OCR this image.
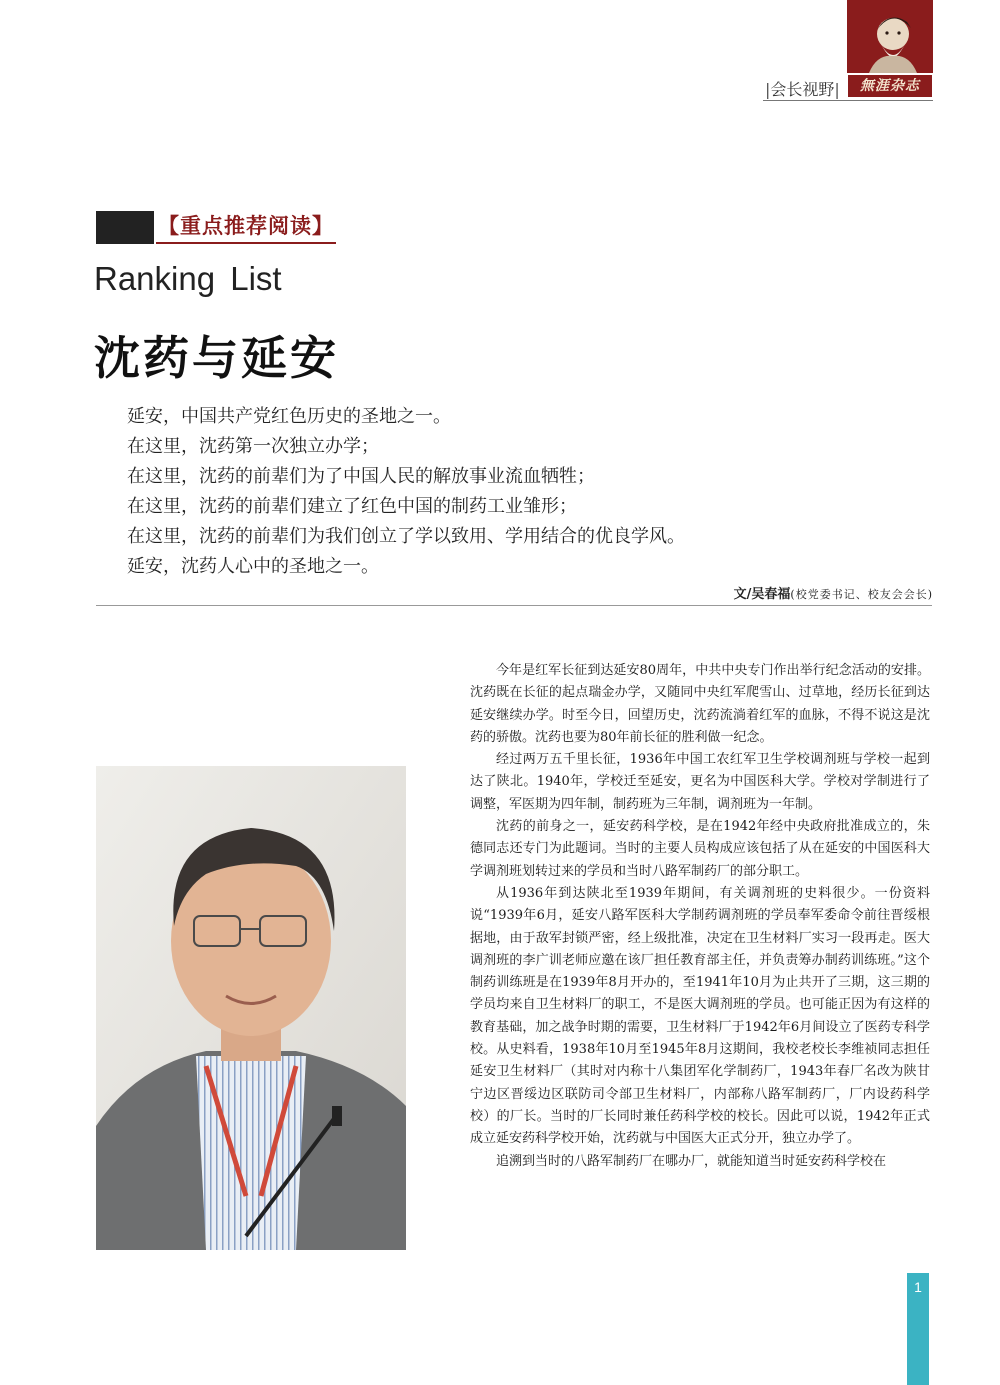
|会长视野|	無涯杂志
【重点推荐阅读】
Ranking List
沈药与延安
延安，中国共产党红色历史的圣地之一。
在这里，沈药第一次独立办学；
在这里，沈药的前辈们为了中国人民的解放事业流血牺牲；
在这里，沈药的前辈们建立了红色中国的制药工业雏形；
在这里，沈药的前辈们为我们创立了学以致用、学用结合的优良学风。
延安，沈药人心中的圣地之一。
文/吴春福(校党委书记、校友会会长)

今年是红军长征到达延安80周年，中共中央专门作出举行纪念活动的安排。沈药既在长征的起点瑞金办学，又随同中央红军爬雪山、过草地，经历长征到达延安继续办学。时至今日，回望历史，沈药流淌着红军的血脉，不得不说这是沈药的骄傲。沈药也要为80年前长征的胜利做一纪念。

经过两万五千里长征，1936年中国工农红军卫生学校调剂班与学校一起到达了陕北。1940年，学校迁至延安，更名为中国医科大学。学校对学制进行了调整，军医期为四年制，制药班为三年制，调剂班为一年制。

沈药的前身之一，延安药科学校，是在1942年经中央政府批准成立的，朱德同志还专门为此题词。当时的主要人员构成应该包括了从在延安的中国医科大学调剂班划转过来的学员和当时八路军制药厂的部分职工。

从1936年到达陕北至1939年期间，有关调剂班的史料很少。一份资料说“1939年6月，延安八路军医科大学制药调剂班的学员奉军委命令前往晋绥根据地，由于敌军封锁严密，经上级批准，决定在卫生材料厂实习一段再走。医大调剂班的李广训老师应邀在该厂担任教育部主任，并负责筹办制药训练班。”这个制药训练班是在1939年8月开办的，至1941年10月为止共开了三期，这三期的学员均来自卫生材料厂的职工，不是医大调剂班的学员。也可能正因为有这样的教育基础，加之战争时期的需要，卫生材料厂于1942年6月间设立了医药专科学校。从史料看，1938年10月至1945年8月这期间，我校老校长李维祯同志担任延安卫生材料厂（其时对内称十八集团军化学制药厂，1943年春厂名改为陕甘宁边区晋绥边区联防司令部卫生材料厂，内部称八路军制药厂，厂内设药科学校）的厂长。当时的厂长同时兼任药科学校的校长。因此可以说，1942年正式成立延安药科学校开始，沈药就与中国医大正式分开，独立办学了。

追溯到当时的八路军制药厂在哪办厂，就能知道当时延安药科学校在

1
